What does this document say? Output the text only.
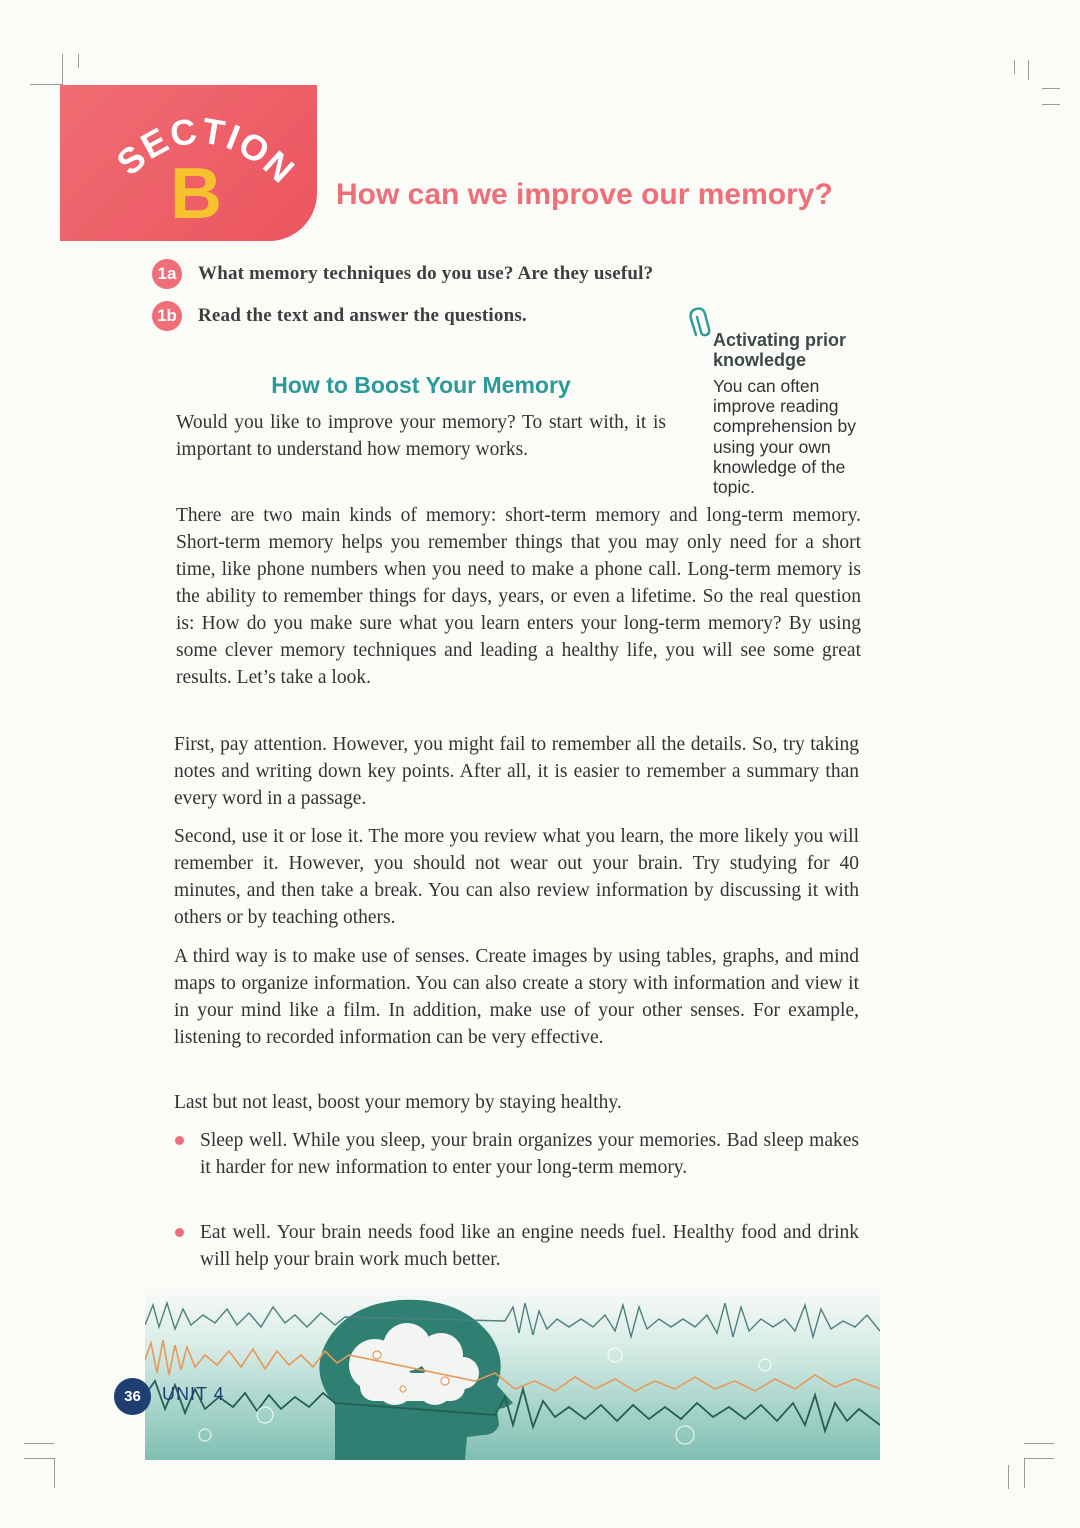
SECTION
B	How can we improve our memory?
1a What memory techniques do you use? Are they useful?
1b Read the text and answer the questions.
Activating prior knowledge
You can often improve reading comprehension by using your own knowledge of the topic.
How to Boost Your Memory
Would you like to improve your memory? To start with, it is important to understand how memory works.
There are two main kinds of memory: short-term memory and long-term memory. Short-term memory helps you remember things that you may only need for a short time, like phone numbers when you need to make a phone call. Long-term memory is the ability to remember things for days, years, or even a lifetime. So the real question is: How do you make sure what you learn enters your long-term memory? By using some clever memory techniques and leading a healthy life, you will see some great results. Let’s take a look.
First, pay attention. However, you might fail to remember all the details. So, try taking notes and writing down key points. After all, it is easier to remember a summary than every word in a passage.
Second, use it or lose it. The more you review what you learn, the more likely you will remember it. However, you should not wear out your brain. Try studying for 40 minutes, and then take a break. You can also review information by discussing it with others or by teaching others.
A third way is to make use of senses. Create images by using tables, graphs, and mind maps to organize information. You can also create a story with information and view it in your mind like a film. In addition, make use of your other senses. For example, listening to recorded information can be very effective.
Last but not least, boost your memory by staying healthy.
Sleep well. While you sleep, your brain organizes your memories. Bad sleep makes it harder for new information to enter your long-term memory.
Eat well. Your brain needs food like an engine needs fuel. Healthy food and drink will help your brain work much better.
36	UNIT 4
